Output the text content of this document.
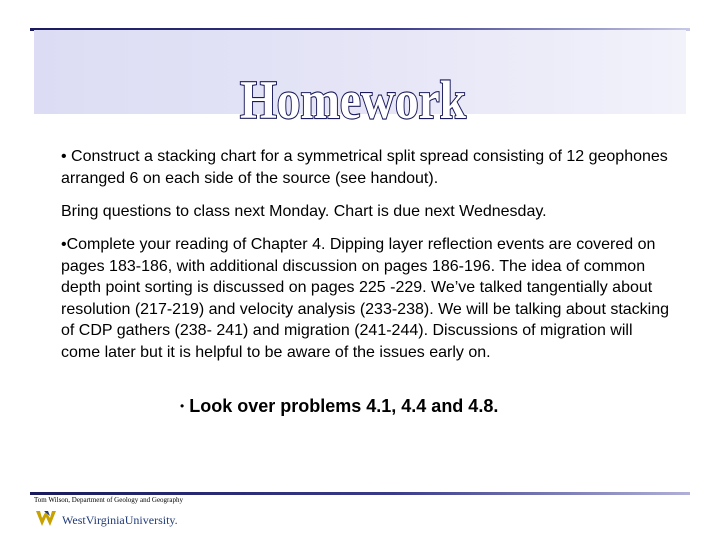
Homework
• Construct a stacking chart for a symmetrical split spread consisting of 12 geophones arranged 6 on each side of the source (see handout).
Bring questions to class next Monday. Chart is due next Wednesday.
•Complete your reading of Chapter 4. Dipping layer reflection events are covered on pages 183-186, with additional discussion on pages 186-196. The idea of common depth point sorting is discussed on pages 225 -229. We’ve talked tangentially about resolution (217-219) and velocity analysis (233-238). We will be talking about stacking of CDP gathers (238- 241) and migration (241-244). Discussions of migration will come later but it is helpful to be aware of the issues early on.
• Look over problems 4.1, 4.4 and 4.8.
Tom Wilson, Department of Geology and Geography
WestVirginiaUniversity.
